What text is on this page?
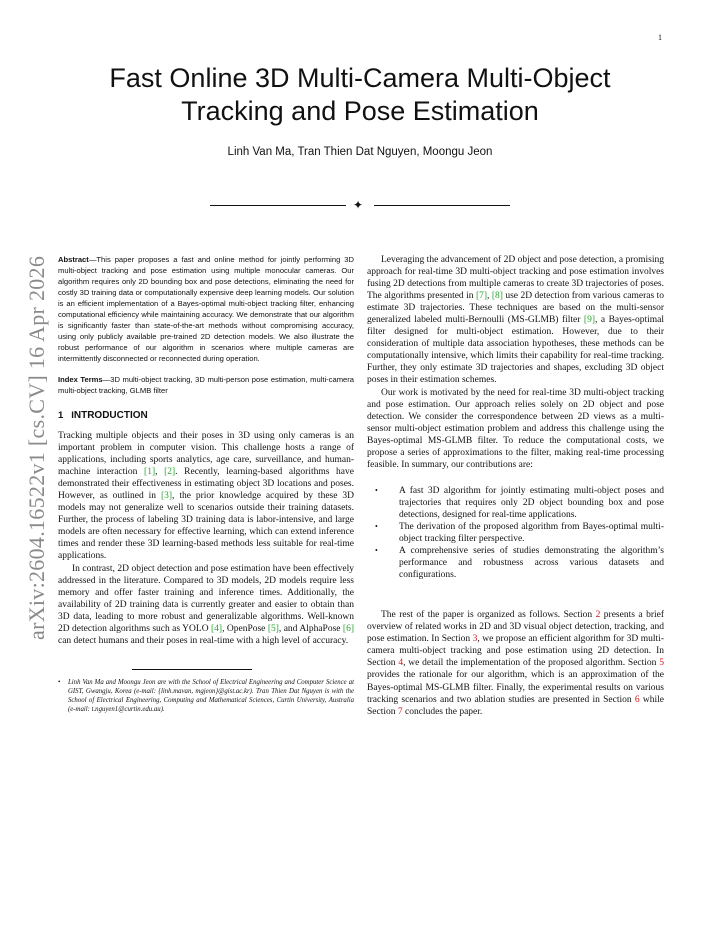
1
Fast Online 3D Multi-Camera Multi-Object Tracking and Pose Estimation
Linh Van Ma, Tran Thien Dat Nguyen, Moongu Jeon
✦
arXiv:2604.16522v1 [cs.CV] 16 Apr 2026 Abstract—This paper proposes a fast and online method for jointly performing 3D multi-object tracking and pose estimation using multiple monocular cameras. Our algorithm requires only 2D bounding box and pose detections, eliminating the need for costly 3D training data or computationally expensive deep learning models. Our solution is an efficient implementation of a Bayes-optimal multi-object tracking filter, enhancing computational efficiency while maintaining accuracy. We demonstrate that our algorithm is significantly faster than state-of-the-art methods without compromising accuracy, using only publicly available pre-trained 2D detection models. We also illustrate the robust performance of our algorithm in scenarios where multiple cameras are intermittently disconnected or reconnected during operation.

Index Terms—3D multi-object tracking, 3D multi-person pose estimation, multi-camera multi-object tracking, GLMB filter

1 INTRODUCTION

Tracking multiple objects and their poses in 3D using only cameras is an important problem in computer vision. This challenge hosts a range of applications, including sports analytics, age care, surveillance, and human-machine interaction [1], [2]. Recently, learning-based algorithms have demonstrated their effectiveness in estimating object 3D locations and poses. However, as outlined in [3], the prior knowledge acquired by these 3D models may not generalize well to scenarios outside their training datasets. Further, the process of labeling 3D training data is labor-intensive, and large models are often necessary for effective learning, which can extend inference times and render these 3D learning-based methods less suitable for real-time applications.

In contrast, 2D object detection and pose estimation have been effectively addressed in the literature. Compared to 3D models, 2D models require less memory and offer faster training and inference times. Additionally, the availability of 2D training data is currently greater and easier to obtain than 3D data, leading to more robust and generalizable algorithms. Well-known 2D detection algorithms such as YOLO [4], OpenPose [5], and AlphaPose [6] can detect humans and their poses in real-time with a high level of accuracy.

• Linh Van Ma and Moongu Jeon are with the School of Electrical Engineering and Computer Science at GIST, Gwangju, Korea (e-mail: {linh.mavan, mgjeon}@gist.ac.kr). Tran Thien Dat Nguyen is with the School of Electrical Engineering, Computing and Mathematical Sciences, Curtin University, Australia (e-mail: t.nguyen1@curtin.edu.au).

Leveraging the advancement of 2D object and pose detection, a promising approach for real-time 3D multi-object tracking and pose estimation involves fusing 2D detections from multiple cameras to create 3D trajectories of poses. The algorithms presented in [7], [8] use 2D detection from various cameras to estimate 3D trajectories. These techniques are based on the multi-sensor generalized labeled multi-Bernoulli (MS-GLMB) filter [9], a Bayes-optimal filter designed for multi-object estimation. However, due to their consideration of multiple data association hypotheses, these methods can be computationally intensive, which limits their capability for real-time tracking. Further, they only estimate 3D trajectories and shapes, excluding 3D object poses in their estimation schemes.

Our work is motivated by the need for real-time 3D multi-object tracking and pose estimation. Our approach relies solely on 2D object and pose detection. We consider the correspondence between 2D views as a multi-sensor multi-object estimation problem and address this challenge using the Bayes-optimal MS-GLMB filter. To reduce the computational costs, we propose a series of approximations to the filter, making real-time processing feasible. In summary, our contributions are:

• A fast 3D algorithm for jointly estimating multi-object poses and trajectories that requires only 2D object bounding box and pose detections, designed for real-time applications.
• The derivation of the proposed algorithm from Bayes-optimal multi-object tracking filter perspective.
• A comprehensive series of studies demonstrating the algorithm’s performance and robustness across various datasets and configurations.

The rest of the paper is organized as follows. Section 2 presents a brief overview of related works in 2D and 3D visual object detection, tracking, and pose estimation. In Section 3, we propose an efficient algorithm for 3D multi-camera multi-object tracking and pose estimation using 2D detection. In Section 4, we detail the implementation of the proposed algorithm. Section 5 provides the rationale for our algorithm, which is an approximation of the Bayes-optimal MS-GLMB filter. Finally, the experimental results on various tracking scenarios and two ablation studies are presented in Section 6 while Section 7 concludes the paper.
